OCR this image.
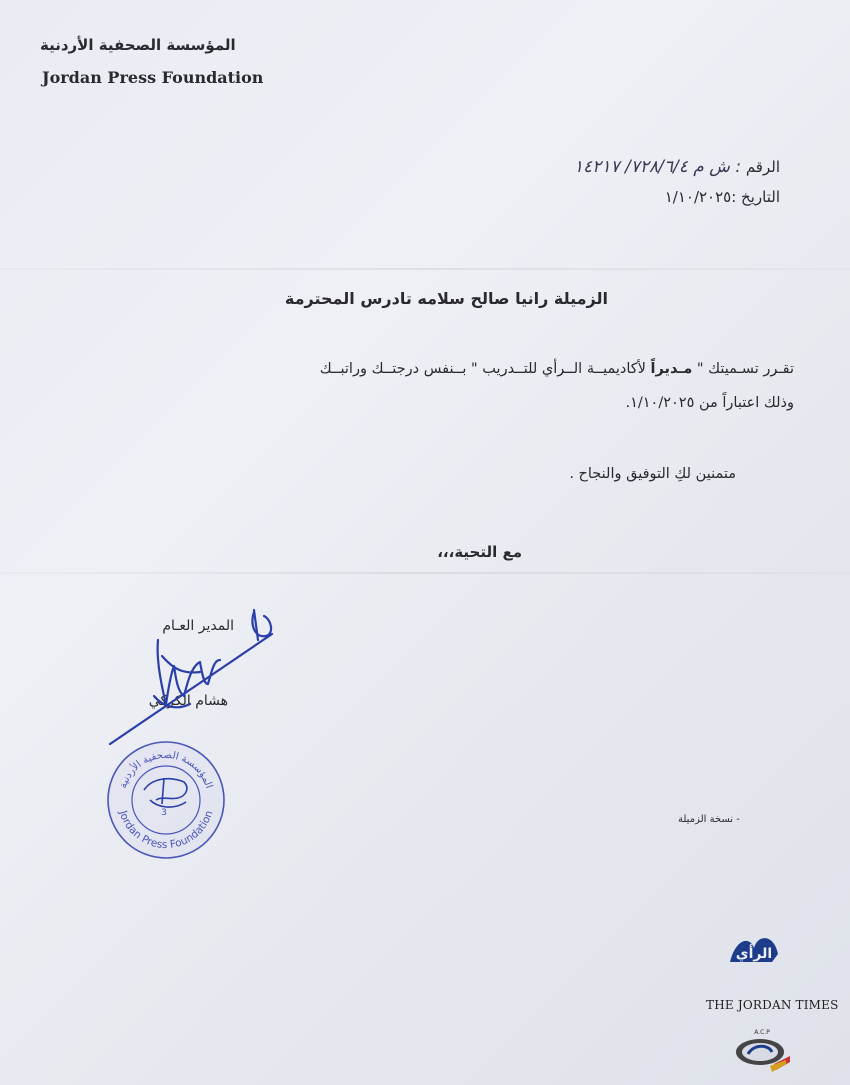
المؤسسة الصحفية الأردنية
Jordan Press Foundation
الرقم : ش م ٧٢٨/٦/٤/ ١٤٢١٧
التاريخ :١/١٠/٢٠٢٥
الزميلة رانيا صالح سلامه تادرس المحترمة
تقـرر تسـميتك " مـديراً لأكاديميــة الــرأي للتــدريب " بــنفس درجتــك وراتبــك
وذلك اعتباراً من ١/١٠/٢٠٢٥.
متمنين لكِ التوفيق والنجاح .
مع التحية،،،
المدير العـام
هشام الكركي
المؤسسة الصحفية الأردنية
Jordan Press Foundation
3
- نسخة الزميلة
الرأي
THE JORDAN TIMES
A.C.P
